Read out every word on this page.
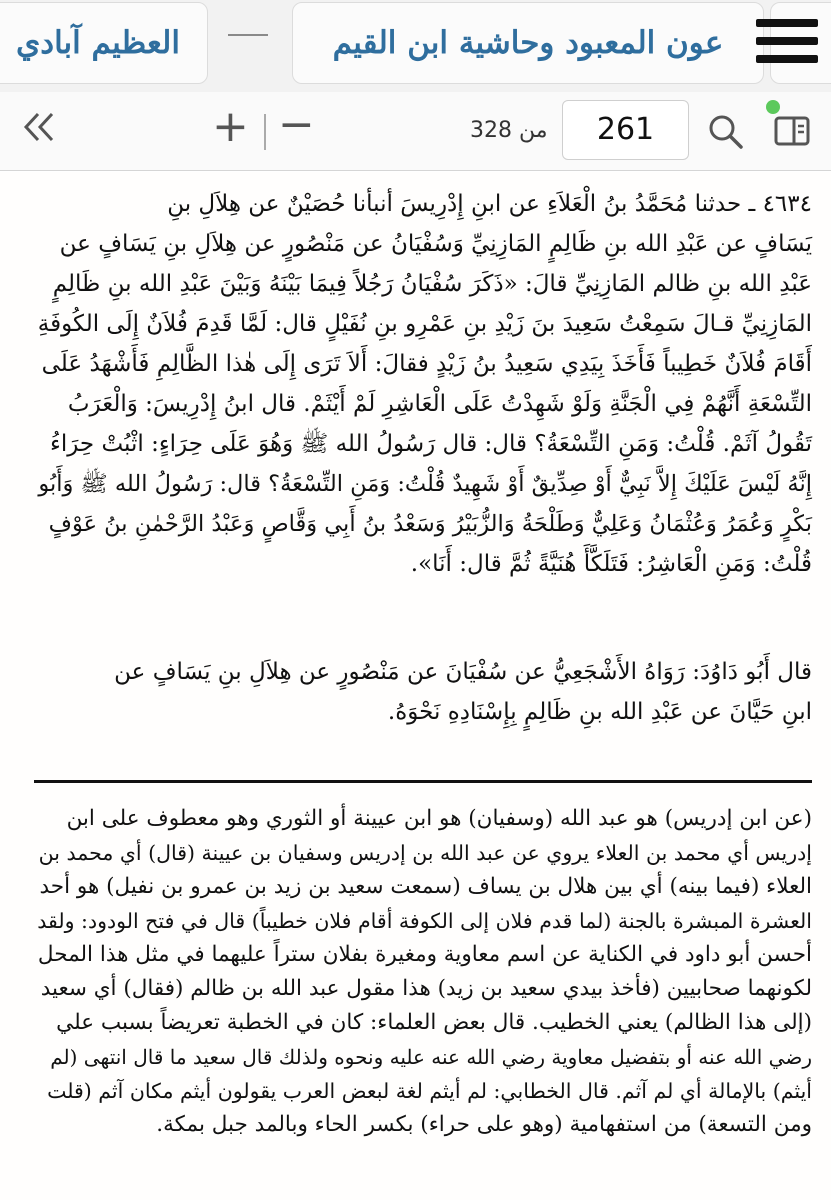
العظيم آبادي	عون المعبود وحاشية ابن القيم
+ −	من 328	261
٤٦٣٤ ـ حدثنا مُحَمَّدُ بنُ الْعَلاَءِ عن ابنِ إِدْرِيسَ أنبأنا حُصَيْنٌ عن هِلاَلِ بنِ
يَسَافٍ عن عَبْدِ الله بنِ ظَالِمٍ المَازِنِيِّ وَسُفْيَانُ عن مَنْصُورٍ عن هِلاَلِ بنِ يَسَافٍ عن
عَبْدِ الله بنِ ظالم المَازِنِيِّ قالَ: «ذَكَرَ سُفْيَانُ رَجُلاً فِيمَا بَيْنَهُ وَبَيْنَ عَبْدِ الله بنِ ظَالِمٍ
المَازِنِيِّ قـالَ سَمِعْتُ سَعِيدَ بنَ زَيْدِ بنِ عَمْرِو بنِ نُفَيْلٍ قال: لَمَّا قَدِمَ فُلاَنٌ إِلَى الكُوفَةِ
أَقَامَ فُلاَنٌ خَطِيباً فَأَخَذَ بِيَدِي سَعِيدُ بنُ زَيْدٍ فقالَ: أَلاَ تَرَى إِلَى هٰذا الظَّالِمِ فَأَشْهَدُ عَلَى
التِّسْعَةِ أَنَّهُمْ فِي الْجَنَّةِ وَلَوْ شَهِدْتُ عَلَى الْعَاشِرِ لَمْ أَيْثَمْ. قال ابنُ إِدْرِيسَ: وَالْعَرَبُ
تَقُولُ آثَمْ. قُلْتُ: وَمَنِ التِّسْعَةُ؟ قال: قال رَسُولُ الله ﷺ وَهُوَ عَلَى حِرَاءٍ: اثْبُتْ حِرَاءُ
إِنَّهُ لَيْسَ عَلَيْكَ إِلاَّ نَبِيٌّ أَوْ صِدِّيقٌ أَوْ شَهِيدٌ قُلْتُ: وَمَنِ التِّسْعَةُ؟ قال: رَسُولُ الله ﷺ وَأَبُو
بَكْرٍ وَعُمَرُ وَعُثْمَانُ وَعَلِيٌّ وَطَلْحَةُ وَالزُّبَيْرُ وَسَعْدُ بنُ أَبِي وَقَّاصٍ وَعَبْدُ الرَّحْمٰنِ بنُ عَوْفٍ
قُلْتُ: وَمَنِ الْعَاشِرُ: فَتَلَكَّأَ هُنَيَّةً ثُمَّ قال: أَنَا».
قال أَبُو دَاوُدَ: رَوَاهُ الأَشْجَعِيُّ عن سُفْيَانَ عن مَنْصُورٍ عن هِلاَلِ بنِ يَسَافٍ عن
ابنِ حَيَّانَ عن عَبْدِ الله بنِ ظَالِمٍ بِإِسْنَادِهِ نَحْوَهُ.
(عن ابن إدريس) هو عبد الله (وسفيان) هو ابن عيينة أو الثوري وهو معطوف على ابن
إدريس أي محمد بن العلاء يروي عن عبد الله بن إدريس وسفيان بن عيينة (قال) أي محمد بن
العلاء (فيما بينه) أي بين هلال بن يساف (سمعت سعيد بن زيد بن عمرو بن نفيل) هو أحد
العشرة المبشرة بالجنة (لما قدم فلان إلى الكوفة أقام فلان خطيباً) قال في فتح الودود: ولقد
أحسن أبو داود في الكناية عن اسم معاوية ومغيرة بفلان ستراً عليهما في مثل هذا المحل
لكونهما صحابيين (فأخذ بيدي سعيد بن زيد) هذا مقول عبد الله بن ظالم (فقال) أي سعيد
(إلى هذا الظالم) يعني الخطيب. قال بعض العلماء: كان في الخطبة تعريضاً بسبب علي
رضي الله عنه أو بتفضيل معاوية رضي الله عنه عليه ونحوه ولذلك قال سعيد ما قال انتهى (لم
أيثم) بالإمالة أي لم آثم. قال الخطابي: لم أيثم لغة لبعض العرب يقولون أيثم مكان آثم (قلت
ومن التسعة) من استفهامية (وهو على حراء) بكسر الحاء وبالمد جبل بمكة.
